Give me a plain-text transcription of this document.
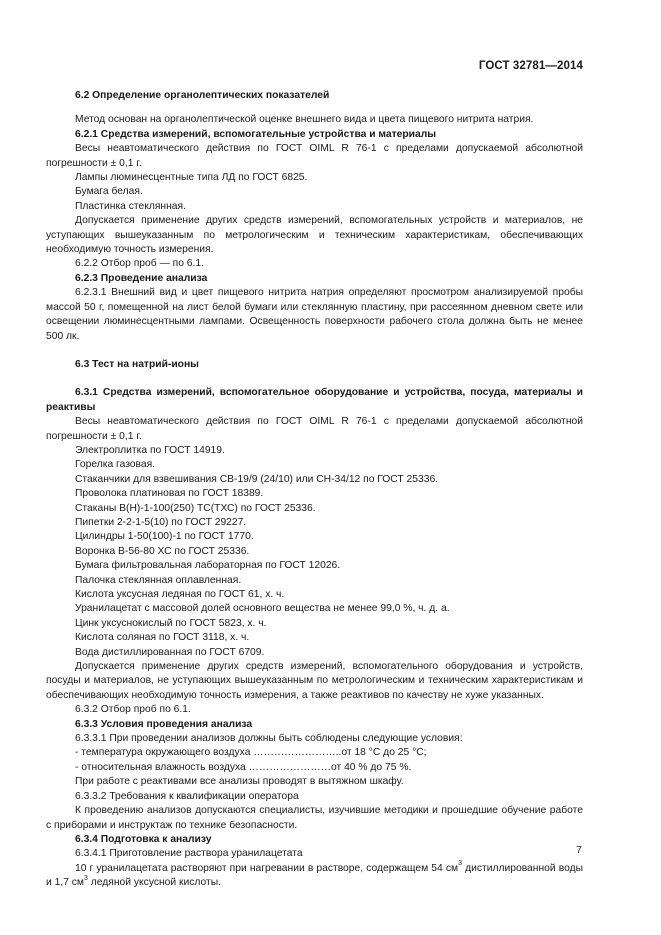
ГОСТ 32781—2014

6.2 Определение органолептических показателей

Метод основан на органолептической оценке внешнего вида и цвета пищевого нитрита натрия.

6.2.1 Средства измерений, вспомогательные устройства и материалы

Весы неавтоматического действия по ГОСТ OIML R 76-1 с пределами допускаемой абсолютной погрешности ± 0,1 г.

Лампы люминесцентные типа ЛД по ГОСТ 6825.

Бумага белая.

Пластинка стеклянная.

Допускается применение других средств измерений, вспомогательных устройств и материалов, не уступающих вышеуказанным по метрологическим и техническим характеристикам, обеспечивающих необходимую точность измерения.

6.2.2 Отбор проб — по 6.1.

6.2.3 Проведение анализа

6.2.3.1 Внешний вид и цвет пищевого нитрита натрия определяют просмотром анализируемой пробы массой 50 г, помещенной на лист белой бумаги или стеклянную пластину, при рассеянном дневном свете или освещении люминесцентными лампами. Освещенность поверхности рабочего стола должна быть не менее 500 лк.

6.3 Тест на натрий-ионы

6.3.1 Средства измерений, вспомогательное оборудование и устройства, посуда, материалы и реактивы

Весы неавтоматического действия по ГОСТ OIML R 76-1 с пределами допускаемой абсолютной погрешности ± 0,1 г.

Электроплитка по ГОСТ 14919.

Горелка газовая.

Стаканчики для взвешивания СВ-19/9 (24/10) или СН-34/12 по ГОСТ 25336.

Проволока платиновая по ГОСТ 18389.

Стаканы В(Н)-1-100(250) ТС(ТХС) по ГОСТ 25336.

Пипетки 2-2-1-5(10) по ГОСТ 29227.

Цилиндры 1-50(100)-1 по ГОСТ 1770.

Воронка В-56-80 ХС по ГОСТ 25336.

Бумага фильтровальная лабораторная по ГОСТ 12026.

Палочка стеклянная оплавленная.

Кислота уксусная ледяная по ГОСТ 61, х. ч.

Уранилацетат с массовой долей основного вещества не менее 99,0 %, ч. д. а.

Цинк уксуснокислый по ГОСТ 5823, х. ч.

Кислота соляная по ГОСТ 3118, х. ч.

Вода дистиллированная по ГОСТ 6709.

Допускается применение других средств измерений, вспомогательного оборудования и устройств, посуды и материалов, не уступающих вышеуказанным по метрологическим и техническим характеристикам и обеспечивающих необходимую точность измерения, а также реактивов по качеству не хуже указанных.

6.3.2 Отбор проб по 6.1.

6.3.3 Условия проведения анализа

6.3.3.1 При проведении анализов должны быть соблюдены следующие условия:

- температура окружающего воздуха ……………………..от 18 °С до 25 °С;

- относительная влажность воздуха ……………………от 40 % до 75 %.

При работе с реактивами все анализы проводят в вытяжном шкафу.

6.3.3.2 Требования к квалификации оператора

К проведению анализов допускаются специалисты, изучившие методики и прошедшие обучение работе с приборами и инструктаж по технике безопасности.

6.3.4 Подготовка к анализу

6.3.4.1 Приготовление раствора уранилацетата

10 г уранилацетата растворяют при нагревании в растворе, содержащем 54 $см^3$ дистиллированной воды и 1,7 $см^3$ ледяной уксусной кислоты.

7
